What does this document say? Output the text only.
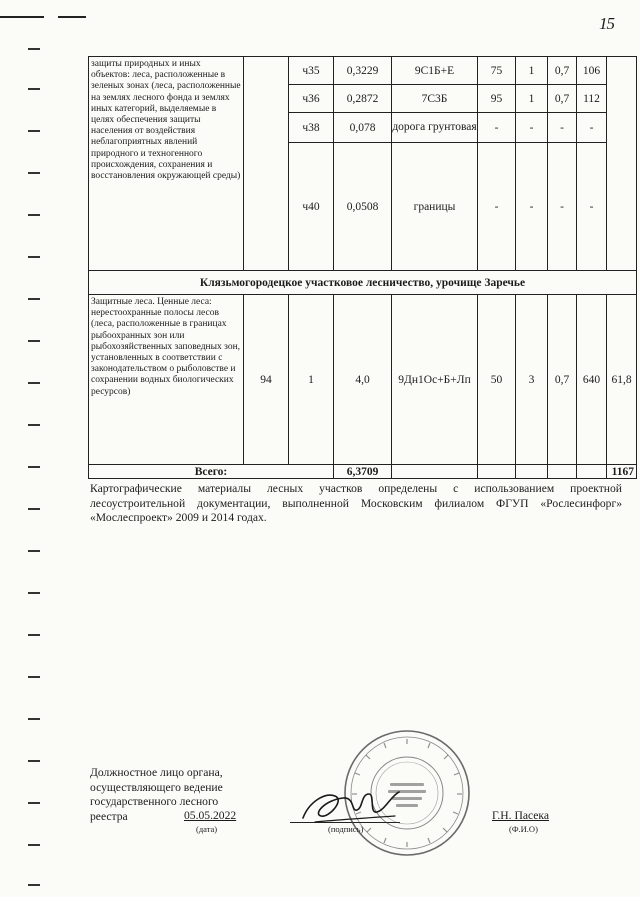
15
защиты природных и иных объектов: леса, расположенные в зеленых зонах (леса, расположенные на землях лесного фонда и землях иных категорий, выделяемые в целях обеспечения защиты населения от воздействия неблагоприятных явлений природного и техногенного происхождения, сохранения и восстановления окружающей среды)		ч35	0,3229	9С1Б+Е	75	1	0,7	106	
		ч36	0,2872	7С3Б	95	1	0,7	112	
		ч38	0,078	дорога грунтовая	-	-	-	-	
		ч40	0,0508	границы	-	-	-	-	
Клязьмогородецкое участковое лесничество, урочище Заречье									
Защитные леса. Ценные леса: нерестоохранные полосы лесов (леса, расположенные в границах рыбоохранных зон или рыбохозяйственных заповедных зон, установленных в соответствии с законодательством о рыболовстве и сохранении водных биологических ресурсов)	94	1	4,0	9Дн1Ос+Б+Лп	50	3	0,7	640	61,8
Всего:			6,3709						1167
Картографические материалы лесных участков определены с использованием проектной лесоустроительной документации, выполненной Московским филиалом ФГУП «Рослесинфорг» «Мослеспроект» 2009 и 2014 годах.
Должностное лицо органа,
осуществляющего ведение
государственного лесного
реестра	05.05.2022
(дата)	(подпись)
Г.Н. Пасека
(Ф.И.О)
